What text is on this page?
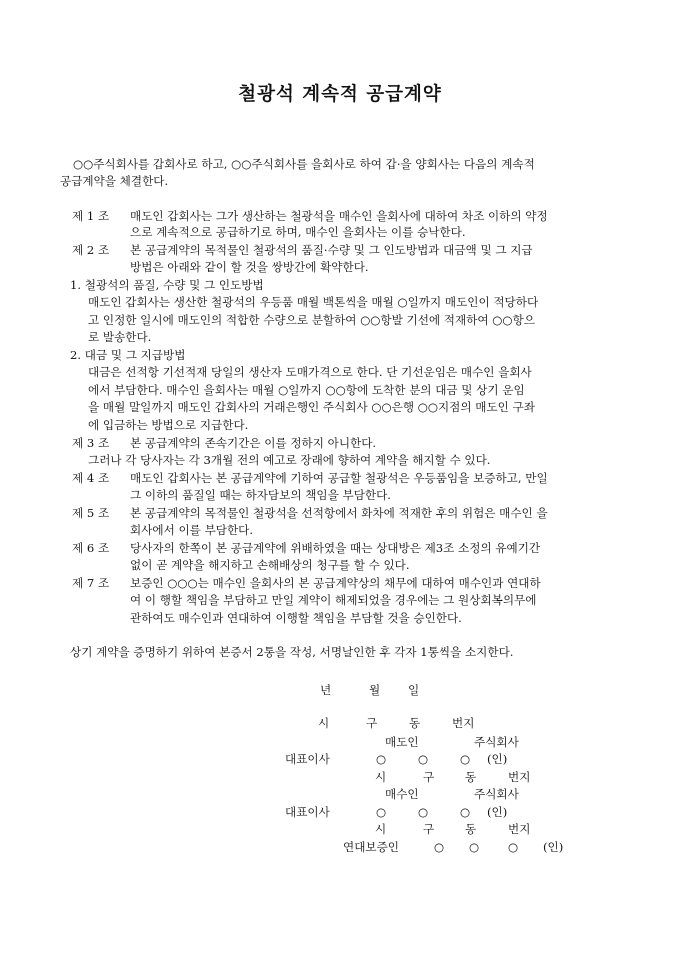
철광석 계속적 공급계약
○○주식회사를 갑회사로 하고, ○○주식회사를 을회사로 하여 갑·을 양회사는 다음의 계속적
공급계약을 체결한다.
제 1 조 매도인 갑회사는 그가 생산하는 철광석을 매수인 을회사에 대하여 차조 이하의 약정
으로 계속적으로 공급하기로 하며, 매수인 을회사는 이를 승낙한다.
제 2 조 본 공급계약의 목적물인 철광석의 품질·수량 및 그 인도방법과 대금액 및 그 지급
방법은 아래와 같이 할 것을 쌍방간에 확약한다.
1. 철광석의 품질, 수량 및 그 인도방법
매도인 갑회사는 생산한 철광석의 우등품 매월 백톤씩을 매월 ○일까지 매도인이 적당하다
고 인정한 일시에 매도인의 적합한 수량으로 분할하여 ○○항발 기선에 적재하여 ○○항으
로 발송한다.
2. 대금 및 그 지급방법
대금은 선적항 기선적재 당일의 생산자 도매가격으로 한다. 단 기선운임은 매수인 을회사
에서 부담한다. 매수인 을회사는 매월 ○일까지 ○○항에 도착한 분의 대금 및 상기 운임
을 매월 말일까지 매도인 갑회사의 거래은행인 주식회사 ○○은행 ○○지점의 매도인 구좌
에 입금하는 방법으로 지급한다.
제 3 조 본 공급계약의 존속기간은 이를 정하지 아니한다.
그러나 각 당사자는 각 3개월 전의 예고로 장래에 향하여 계약을 해지할 수 있다.
제 4 조 매도인 갑회사는 본 공급계약에 기하여 공급할 철광석은 우등품임을 보증하고, 만일
그 이하의 품질일 때는 하자담보의 책임을 부담한다.
제 5 조 본 공급계약의 목적물인 철광석을 선적항에서 화차에 적재한 후의 위험은 매수인 을
회사에서 이를 부담한다.
제 6 조 당사자의 한쪽이 본 공급계약에 위배하였을 때는 상대방은 제3조 소정의 유예기간
없이 곧 계약을 해지하고 손해배상의 청구를 할 수 있다.
제 7 조 보증인 ○○○는 매수인 을회사의 본 공급계약상의 채무에 대하여 매수인과 연대하
여 이 행할 책임을 부담하고 만일 계약이 해제되었을 경우에는 그 원상회복의무에
관하여도 매수인과 연대하여 이행할 책임을 부담할 것을 승인한다.
상기 계약을 증명하기 위하여 본증서 2통을 작성, 서명날인한 후 각자 1통씩을 소지한다.
년	월 일
시	구	동	번지
매도인	주식회사
대표이사	○	○	○ (인)
시	구	동	번지
매수인	주식회사
대표이사	○	○	○ (인)
시	구	동	번지
연대보증인	○ ○ ○ (인)
